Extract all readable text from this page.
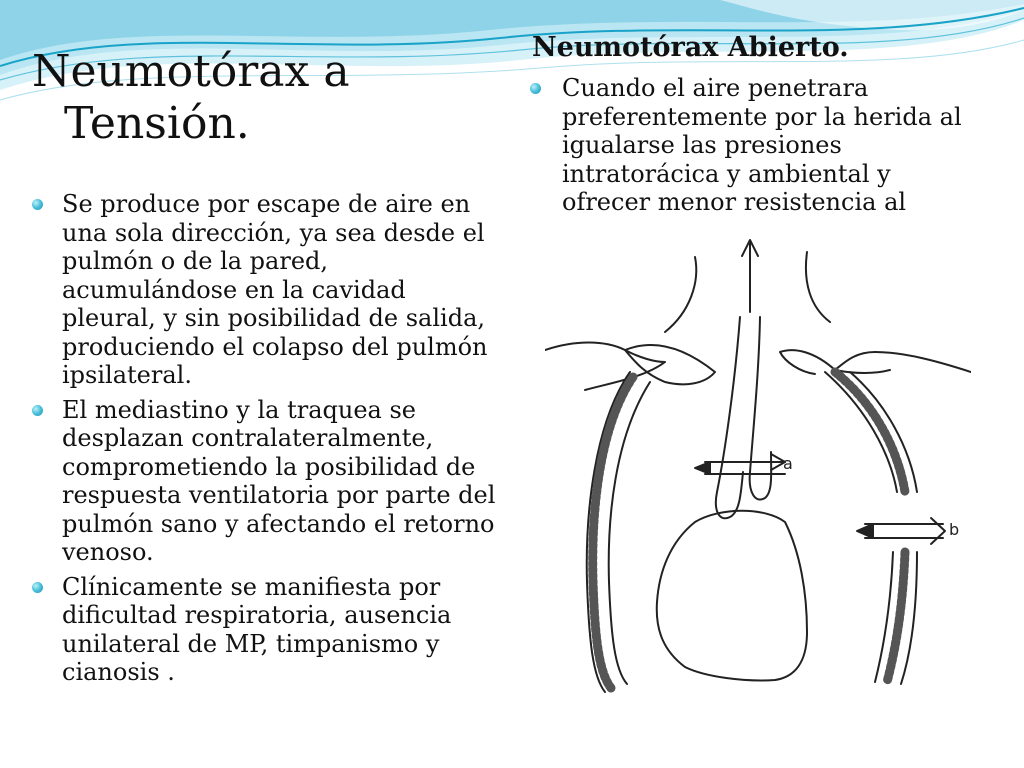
Neumotórax a
Tensión.
Se produce por escape de aire en una sola dirección, ya sea desde el pulmón o de la pared, acumulándose en la cavidad pleural, y sin posibilidad de salida, produciendo el colapso del pulmón ipsilateral.
El mediastino y la traquea se desplazan contralateralmente, comprometiendo la posibilidad de respuesta ventilatoria por parte del pulmón sano y afectando el retorno venoso.
Clínicamente se manifiesta por dificultad respiratoria, ausencia unilateral de MP, timpanismo y cianosis .
Neumotórax Abierto.
Cuando el aire penetrara preferentemente por la herida al igualarse las presiones intratorácica y ambiental y ofrecer menor resistencia al
a
b
